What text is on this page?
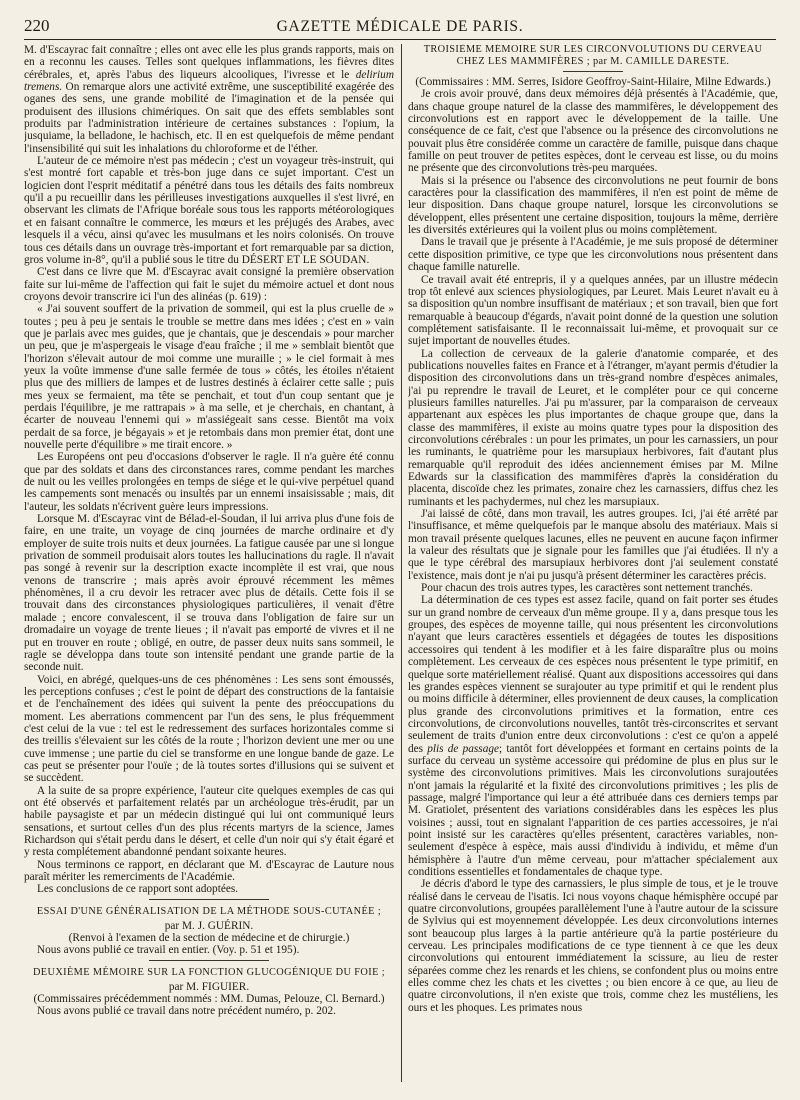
220	GAZETTE MÉDICALE DE PARIS.

M. d'Escayrac fait connaître ; elles ont avec elle les plus grands rapports, mais on en a reconnu les causes. Telles sont quelques inflammations, les fièvres dites cérébrales, et, après l'abus des liqueurs alcooliques, l'ivresse et le delirium tremens. On remarque alors une activité extrême, une susceptibilité exagérée des oganes des sens, une grande mobilité de l'imagination et de la pensée qui produisent des illusions chimériques. On sait que des effets semblables sont produits par l'administration intérieure de certaines substances : l'opium, la jusquiame, la belladone, le hachisch, etc. Il en est quelquefois de même pendant l'insensibilité qui suit les inhalations du chloroforme et de l'éther.

L'auteur de ce mémoire n'est pas médecin ; c'est un voyageur très-instruit, qui s'est montré fort capable et très-bon juge dans ce sujet important. C'est un logicien dont l'esprit méditatif a pénétré dans tous les détails des faits nombreux qu'il a pu recueillir dans les périlleuses investigations auxquelles il s'est livré, en observant les climats de l'Afrique boréale sous tous les rapports météorologiques et en faisant connaître le commerce, les mœurs et les préjugés des Arabes, avec lesquels il a vécu, ainsi qu'avec les musulmans et les noirs colonisés. On trouve tous ces détails dans un ouvrage très-important et fort remarquable par sa diction, gros volume in-8°, qu'il a publié sous le titre du DÉSERT ET LE SOUDAN.

C'est dans ce livre que M. d'Escayrac avait consigné la première observation faite sur lui-même de l'affection qui fait le sujet du mémoire actuel et dont nous croyons devoir transcrire ici l'un des alinéas (p. 619) :

« J'ai souvent souffert de la privation de sommeil, qui est la plus cruelle de » toutes ; peu à peu je sentais le trouble se mettre dans mes idées ; c'est en » vain que je parlais avec mes guides, que je chantais, que je descendais » pour marcher un peu, que je m'aspergeais le visage d'eau fraîche ; il me » semblait bientôt que l'horizon s'élevait autour de moi comme une muraille ; » le ciel formait à mes yeux la voûte immense d'une salle fermée de tous » côtés, les étoiles n'étaient plus que des milliers de lampes et de lustres destinés à éclairer cette salle ; puis mes yeux se fermaient, ma tête se penchait, et tout d'un coup sentant que je perdais l'équilibre, je me rattrapais » à ma selle, et je cherchais, en chantant, à écarter de nouveau l'ennemi qui » m'assiégeait sans cesse. Bientôt ma voix perdait de sa force, je bégayais » et je retombais dans mon premier état, dont une nouvelle perte d'équilibre » me tirait encore. »

Les Européens ont peu d'occasions d'observer le ragle. Il n'a guère été connu que par des soldats et dans des circonstances rares, comme pendant les marches de nuit ou les veilles prolongées en temps de siége et le qui-vive perpétuel quand les campements sont menacés ou insultés par un ennemi insaisissable ; mais, dit l'auteur, les soldats n'écrivent guère leurs impressions.

Lorsque M. d'Escayrac vint de Bélad-el-Soudan, il lui arriva plus d'une fois de faire, en une traite, un voyage de cinq journées de marche ordinaire et d'y employer de suite trois nuits et deux journées. La fatigue causée par une si longue privation de sommeil produisait alors toutes les hallucinations du ragle. Il n'avait pas songé à revenir sur la description exacte incomplète il est vrai, que nous venons de transcrire ; mais après avoir éprouvé récemment les mêmes phénomènes, il a cru devoir les retracer avec plus de détails. Cette fois il se trouvait dans des circonstances physiologiques particulières, il venait d'être malade ; encore convalescent, il se trouva dans l'obligation de faire sur un dromadaire un voyage de trente lieues ; il n'avait pas emporté de vivres et il ne put en trouver en route ; obligé, en outre, de passer deux nuits sans sommeil, le ragle se développa dans toute son intensité pendant une grande partie de la seconde nuit.

Voici, en abrégé, quelques-uns de ces phénomènes : Les sens sont émoussés, les perceptions confuses ; c'est le point de départ des constructions de la fantaisie et de l'enchaînement des idées qui suivent la pente des préoccupations du moment. Les aberrations commencent par l'un des sens, le plus fréquemment c'est celui de la vue : tel est le redressement des surfaces horizontales comme si des treillis s'élevaient sur les côtés de la route ; l'horizon devient une mer ou une cuve immense ; une partie du ciel se transforme en une longue bande de gaze. Le cas peut se présenter pour l'ouïe ; de là toutes sortes d'illusions qui se suivent et se succèdent.

A la suite de sa propre expérience, l'auteur cite quelques exemples de cas qui ont été observés et parfaitement relatés par un archéologue très-érudit, par un habile paysagiste et par un médecin distingué qui lui ont communiqué leurs sensations, et surtout celles d'un des plus récents martyrs de la science, James Richardson qui s'était perdu dans le désert, et celle d'un noir qui s'y était égaré et y resta complétement abandonné pendant soixante heures.

Nous terminons ce rapport, en déclarant que M. d'Escayrac de Lauture nous paraît mériter les remerciments de l'Académie.

Les conclusions de ce rapport sont adoptées.

ESSAI D'UNE GÉNÉRALISATION DE LA MÉTHODE SOUS-CUTANÉE ;

par M. J. GUÉRIN.

(Renvoi à l'examen de la section de médecine et de chirurgie.)

Nous avons publié ce travail en entier. (Voy. p. 51 et 195).

DEUXIÈME MÉMOIRE SUR LA FONCTION GLUCOGÉNIQUE DU FOIE ;

par M. FIGUIER.

(Commissaires précédemment nommés : MM. Dumas, Pelouze, Cl. Bernard.)

Nous avons publié ce travail dans notre précédent numéro, p. 202.

TROISIÈME MÉMOIRE SUR LES CIRCONVOLUTIONS DU CERVEAU CHEZ LES MAMMIFÈRES ; par M. CAMILLE DARESTE.

(Commissaires : MM. Serres, Isidore Geoffroy-Saint-Hilaire, Milne Edwards.)

Je crois avoir prouvé, dans deux mémoires déjà présentés à l'Académie, que, dans chaque groupe naturel de la classe des mammifères, le développement des circonvolutions est en rapport avec le développement de la taille. Une conséquence de ce fait, c'est que l'absence ou la présence des circonvolutions ne pouvait plus être considérée comme un caractère de famille, puisque dans chaque famille on peut trouver de petites espèces, dont le cerveau est lisse, ou du moins ne présente que des circonvolutions très-peu marquées.

Mais si la présence ou l'absence des circonvolutions ne peut fournir de bons caractères pour la classification des mammifères, il n'en est point de même de leur disposition. Dans chaque groupe naturel, lorsque les circonvolutions se développent, elles présentent une certaine disposition, toujours la même, derrière les diversités extérieures qui la voilent plus ou moins complètement.

Dans le travail que je présente à l'Académie, je me suis proposé de déterminer cette disposition primitive, ce type que les circonvolutions nous présentent dans chaque famille naturelle.

Ce travail avait été entrepris, il y a quelques années, par un illustre médecin trop tôt enlevé aux sciences physiologiques, par Leuret. Mais Leuret n'avait eu à sa disposition qu'un nombre insuffisant de matériaux ; et son travail, bien que fort remarquable à beaucoup d'égards, n'avait point donné de la question une solution complétement satisfaisante. Il le reconnaissait lui-même, et provoquait sur ce sujet important de nouvelles études.

La collection de cerveaux de la galerie d'anatomie comparée, et des publications nouvelles faites en France et à l'étranger, m'ayant permis d'étudier la disposition des circonvolutions dans un très-grand nombre d'espèces animales, j'ai pu reprendre le travail de Leuret, et le compléter pour ce qui concerne plusieurs familles naturelles. J'ai pu m'assurer, par la comparaison de cerveaux appartenant aux espèces les plus importantes de chaque groupe que, dans la classe des mammifères, il existe au moins quatre types pour la disposition des circonvolutions cérébrales : un pour les primates, un pour les carnassiers, un pour les ruminants, le quatrième pour les marsupiaux herbivores, fait d'autant plus remarquable qu'il reproduit des idées anciennement émises par M. Milne Edwards sur la classification des mammifères d'après la considération du placenta, discoïde chez les primates, zonaire chez les carnassiers, diffus chez les ruminants et les pachydermes, nul chez les marsupiaux.

J'ai laissé de côté, dans mon travail, les autres groupes. Ici, j'ai été arrêté par l'insuffisance, et même quelquefois par le manque absolu des matériaux. Mais si mon travail présente quelques lacunes, elles ne peuvent en aucune façon infirmer la valeur des résultats que je signale pour les familles que j'ai étudiées. Il n'y a que le type cérébral des marsupiaux herbivores dont j'ai seulement constaté l'existence, mais dont je n'ai pu jusqu'à présent déterminer les caractères précis.

Pour chacun des trois autres types, les caractères sont nettement tranchés.

La détermination de ces types est assez facile, quand on fait porter ses études sur un grand nombre de cerveaux d'un même groupe. Il y a, dans presque tous les groupes, des espèces de moyenne taille, qui nous présentent les circonvolutions n'ayant que leurs caractères essentiels et dégagées de toutes les dispositions accessoires qui tendent à les modifier et à les faire disparaître plus ou moins complètement. Les cerveaux de ces espèces nous présentent le type primitif, en quelque sorte matériellement réalisé. Quant aux dispositions accessoires qui dans les grandes espèces viennent se surajouter au type primitif et qui le rendent plus ou moins difficile à déterminer, elles proviennent de deux causes, la complication plus grande des circonvolutions primitives et la formation, entre ces circonvolutions, de circonvolutions nouvelles, tantôt très-circonscrites et servant seulement de traits d'union entre deux circonvolutions : c'est ce qu'on a appelé des plis de passage; tantôt fort développées et formant en certains points de la surface du cerveau un système accessoire qui prédomine de plus en plus sur le système des circonvolutions primitives. Mais les circonvolutions surajoutées n'ont jamais la régularité et la fixité des circonvolutions primitives ; les plis de passage, malgré l'importance qui leur a été attribuée dans ces derniers temps par M. Gratiolet, présentent des variations considérables dans les espèces les plus voisines ; aussi, tout en signalant l'apparition de ces parties accessoires, je n'ai point insisté sur les caractères qu'elles présentent, caractères variables, non-seulement d'espèce à espèce, mais aussi d'individu à individu, et même d'un hémisphère à l'autre d'un même cerveau, pour m'attacher spécialement aux conditions essentielles et fondamentales de chaque type.

Je décris d'abord le type des carnassiers, le plus simple de tous, et je le trouve réalisé dans le cerveau de l'isatis. Ici nous voyons chaque hémisphère occupé par quatre circonvolutions, groupées parallèlement l'une à l'autre autour de la scissure de Sylvius qui est moyennement développée. Les deux circonvolutions internes sont beaucoup plus larges à la partie antérieure qu'à la partie postérieure du cerveau. Les principales modifications de ce type tiennent à ce que les deux circonvolutions qui entourent immédiatement la scissure, au lieu de rester séparées comme chez les renards et les chiens, se confondent plus ou moins entre elles comme chez les chats et les civettes ; ou bien encore à ce que, au lieu de quatre circonvolutions, il n'en existe que trois, comme chez les mustéliens, les ours et les phoques. Les primates nous
